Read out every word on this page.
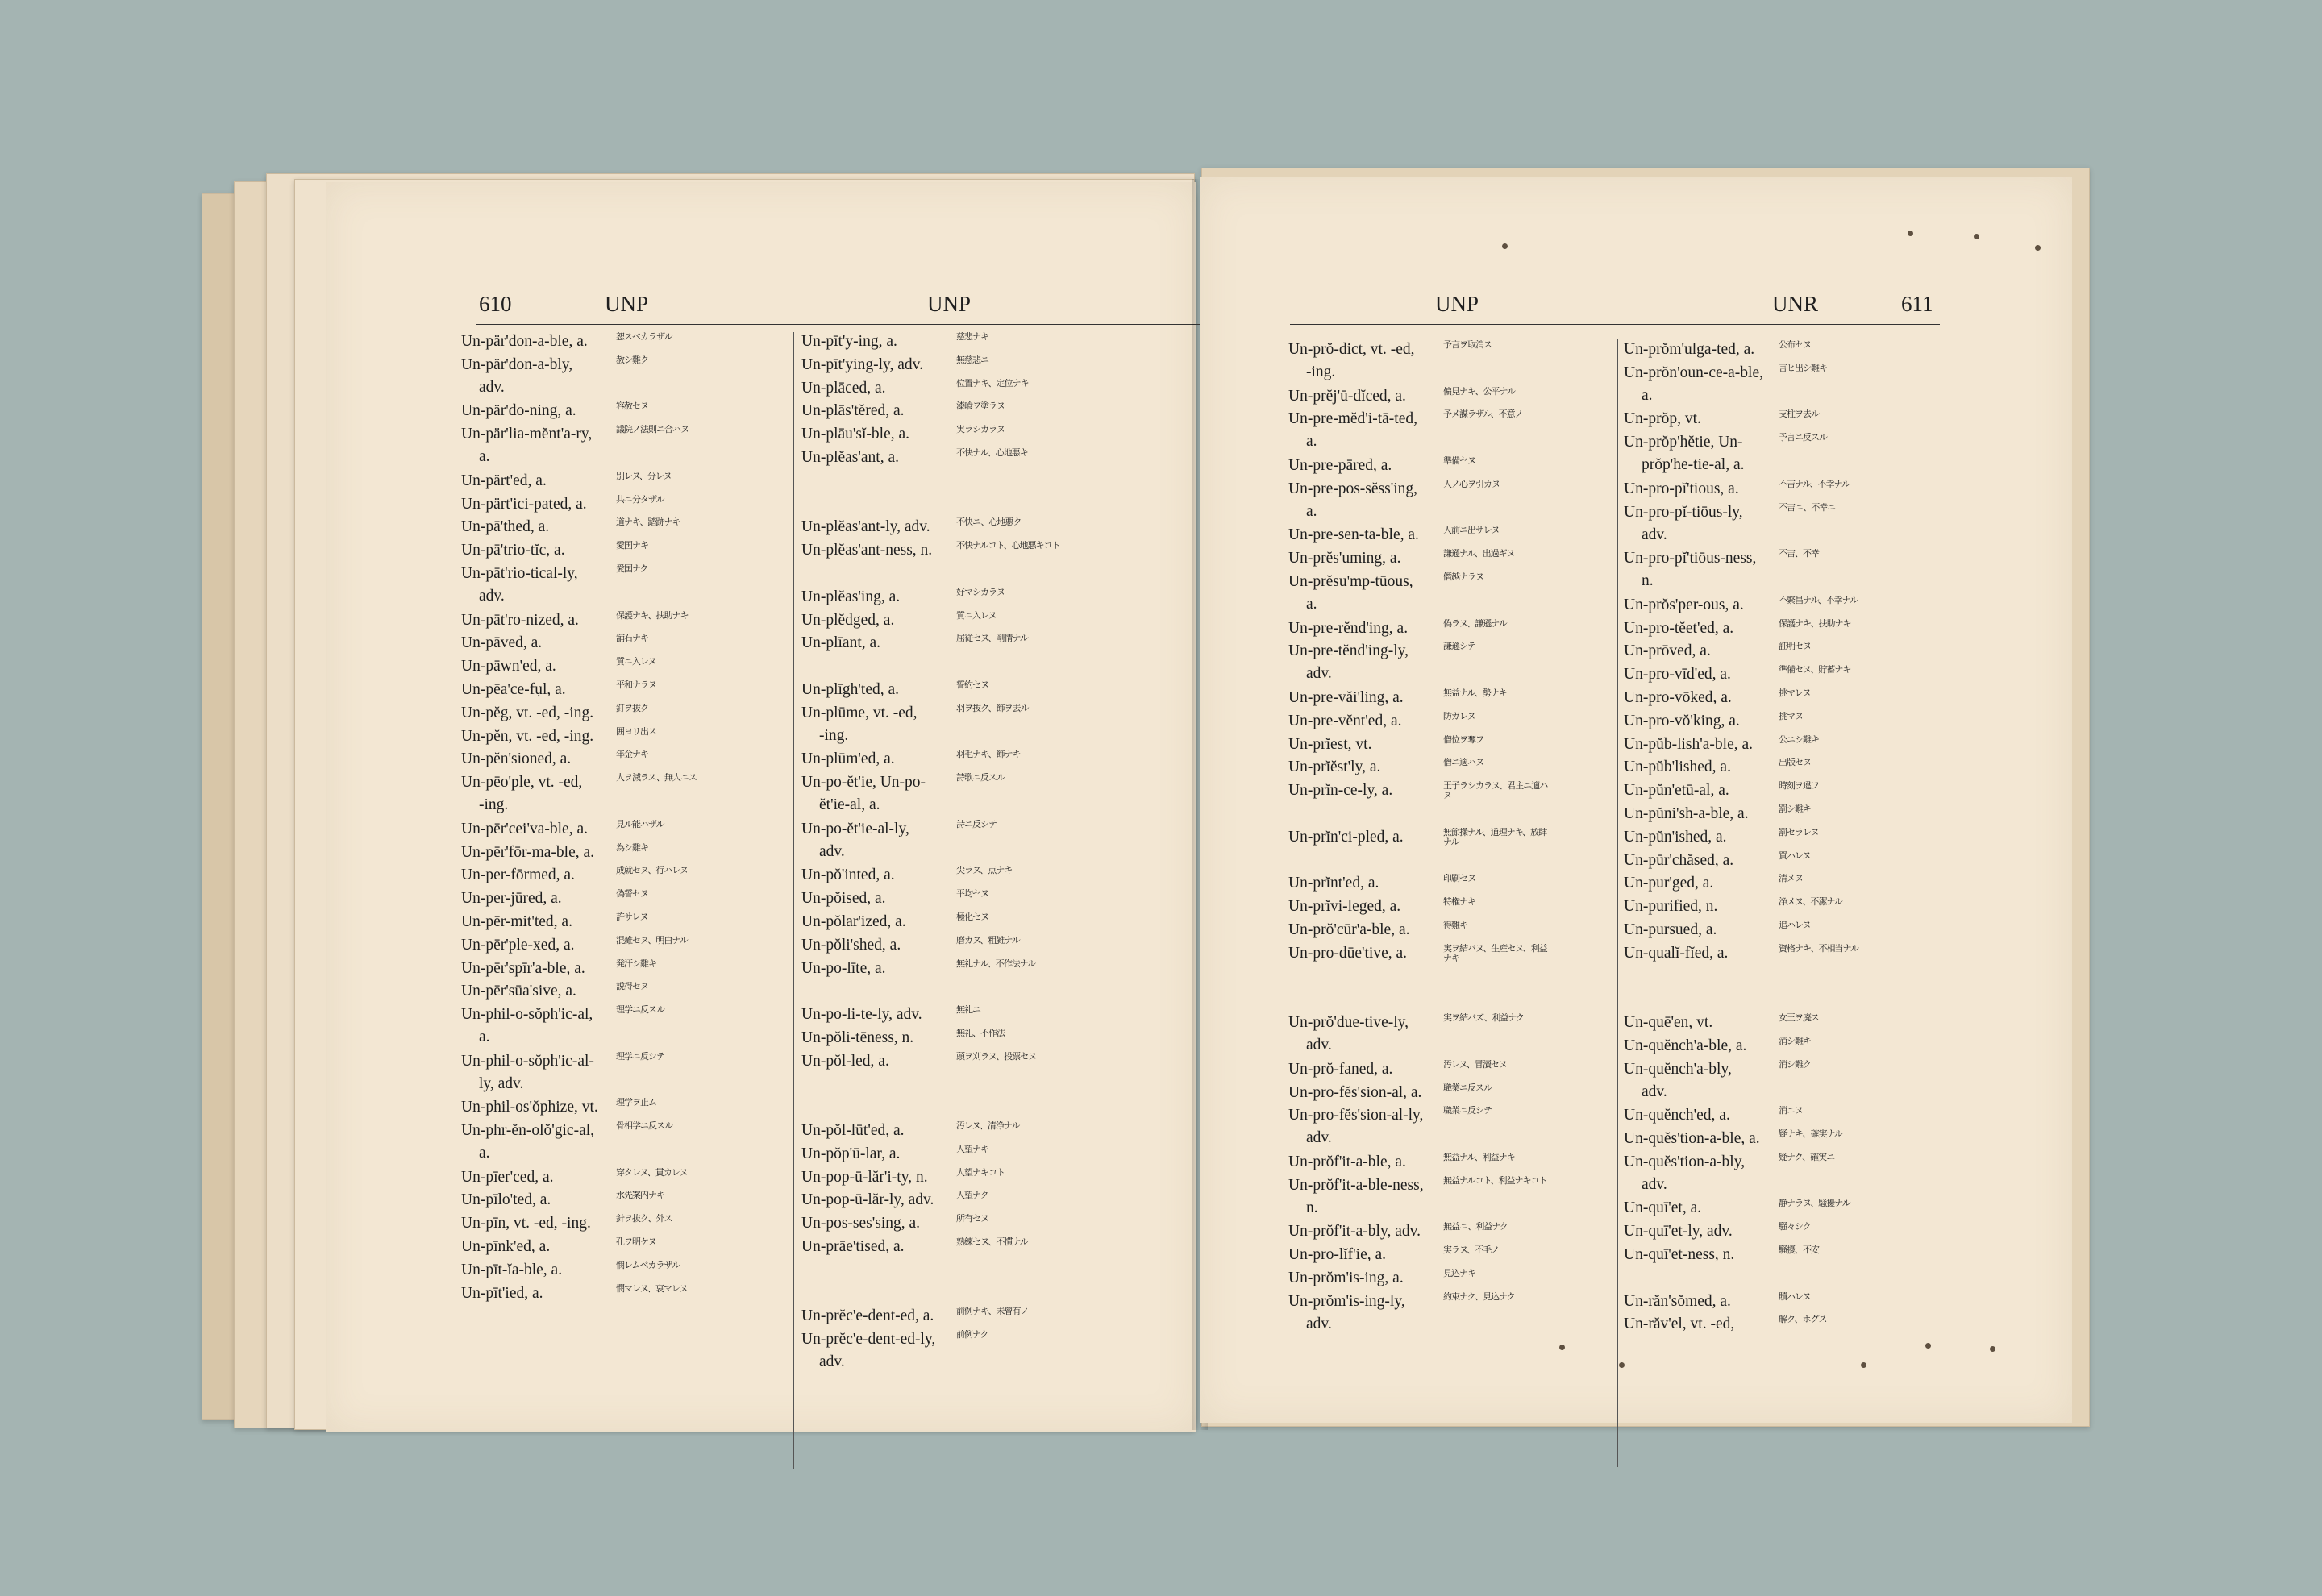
610	UNP	UNP
Un-pär'don-a-ble, a.	恕スベカラザル
Un-pär'don-a-bly,
adv.
赦シ難ク
Un-pär'do-ning, a.	容赦セヌ
Un-pär'lia-mĕnt'a-ry,
a.
議院ノ法則ニ合ハヌ
Un-pärt'ed, a.	別レヌ、分レヌ
Un-pärt'ici-pated, a.	共ニ分タザル
Un-pā'thed, a.	道ナキ、踏跡ナキ
Un-pā'trio-tĭc, a.	愛国ナキ
Un-pāt'rio-tical-ly,
adv.
愛国ナク
Un-pāt'ro-nized, a.	保護ナキ、扶助ナキ
Un-pāved, a.	舗石ナキ
Un-pāwn'ed, a.	質ニ入レヌ
Un-pēa'ce-fụl, a.	平和ナラヌ
Un-pĕg, vt. -ed, -ing.	釘ヲ抜ク
Un-pĕn, vt. -ed, -ing.	囲ヨリ出ス
Un-pĕn'sioned, a.	年金ナキ
Un-pēo'ple, vt. -ed,
-ing.
人ヲ減ラス、無人ニス
Un-pēr'cei'va-ble, a.	見ル能ハザル
Un-pēr'fōr-ma-ble, a. 為シ難キ
Un-per-fōrmed, a.	成就セヌ、行ハレヌ
Un-per-jūred, a.	偽誓セヌ
Un-pēr-mit'ted, a.	許サレヌ
Un-pēr'ple-xed, a.	混雑セヌ、明白ナル
Un-pēr'spīr'a-ble, a.	発汗シ難キ
Un-pēr'sūa'sive, a.	説得セヌ
Un-phil-o-sŏph'ic-al,
a.
理学ニ反スル
Un-phil-o-sŏph'ic-al-
ly, adv.
理学ニ反シテ
Un-phil-os'ŏphize, vt. 理学ヲ止ム
Un-phr-ĕn-olŏ'gic-al,
a.
骨相学ニ反スル
Un-pīer'ced, a.	穿タレヌ、貫カレヌ
Un-pīlo'ted, a.	水先案内ナキ
Un-pīn, vt. -ed, -ing.	針ヲ抜ク、外ス
Un-pīnk'ed, a.	孔ヲ明ケヌ
Un-pīt-ĭa-ble, a.	憫レムベカラザル
Un-pīt'ied, a.	憫マレヌ、哀マレヌ
Un-pīt'y-ing, a.	慈悲ナキ
Un-pīt'ying-ly, adv.	無慈悲ニ
Un-plāced, a.	位置ナキ、定位ナキ
Un-plās'tĕred, a.	漆喰ヲ塗ラヌ
Un-plāu'sĭ-ble, a.	実ラシカラヌ
Un-plĕas'ant, a.	不快ナル、心地悪キ
Un-plĕas'ant-ly, adv.	不快ニ、心地悪ク
Un-plĕas'ant-ness, n.	不快ナルコト、心地悪キコト
Un-plĕas'ing, a.	好マシカラヌ
Un-plĕdged, a.	質ニ入レヌ
Un-plīant, a.	屈従セヌ、剛情ナル
Un-plīgh'ted, a.	誓約セヌ
Un-plūme, vt. -ed,
-ing.
羽ヲ抜ク、飾ヲ去ル
Un-plūm'ed, a.	羽毛ナキ、飾ナキ
Un-po-ĕt'ie, Un-po-
ĕt'ie-al, a.
詩歌ニ反スル
Un-po-ĕt'ie-al-ly,
adv.
詩ニ反シテ
Un-pŏ'inted, a.	尖ラヌ、点ナキ
Un-pŏised, a.	平均セヌ
Un-pŏlar'ized, a.	極化セヌ
Un-pŏli'shed, a.	磨カヌ、粗雑ナル
Un-po-līte, a.	無礼ナル、不作法ナル
Un-po-li-te-ly, adv.	無礼ニ
Un-pŏli-tēness, n.	無礼、不作法
Un-pŏl-led, a.	頭ヲ刈ラヌ、投票セヌ
Un-pŏl-lūt'ed, a.	汚レヌ、清浄ナル
Un-pŏp'ū-lar, a.	人望ナキ
Un-pop-ū-lăr'i-ty, n.	人望ナキコト
Un-pop-ū-lăr-ly, adv.	人望ナク
Un-pos-ses'sing, a.	所有セヌ
Un-prāe'tised, a.	熟練セヌ、不慣ナル
Un-prĕc'e-dent-ed, a.	前例ナキ、未曾有ノ
Un-prĕc'e-dent-ed-ly,
adv.
前例ナク
UNP	UNR	611
Un-prŏ-dict, vt. -ed,
-ing.
予言ヲ取消ス
Un-prĕj'ū-dĭced, a.	偏見ナキ、公平ナル
Un-pre-mĕd'i-tā-ted,
a.
予メ謀ラザル、不意ノ
Un-pre-pāred, a.	準備セヌ
Un-pre-pos-sĕss'ing,
a.
人ノ心ヲ引カヌ
Un-pre-sen-ta-ble, a.	人前ニ出サレヌ
Un-prĕs'uming, a.	謙遜ナル、出過ギヌ
Un-prĕsu'mp-tūous,
a.
僭越ナラヌ
Un-pre-rĕnd'ing, a.	偽ラヌ、謙遜ナル
Un-pre-tĕnd'ing-ly,
adv.
謙遜シテ
Un-pre-văi'ling, a.	無益ナル、勢ナキ
Un-pre-vĕnt'ed, a.	防ガレヌ
Un-prĭest, vt.	僧位ヲ奪フ
Un-prĭĕst'ly, a.	僧ニ適ハヌ
Un-prĭn-ce-ly, a.	王子ラシカラヌ、君主ニ適ハヌ
Un-prĭn'ci-pled, a.	無節操ナル、道理ナキ、放肆ナル
Un-prĭnt'ed, a.	印刷セヌ
Un-prĭvi-leged, a.	特権ナキ
Un-prŏ'cūr'a-ble, a.	得難キ
Un-pro-dūe'tive, a.	実ヲ結バヌ、生産セヌ、利益ナキ
Un-prŏ'due-tive-ly,
adv.
実ヲ結バズ、利益ナク
Un-prŏ-faned, a.	汚レヌ、冒瀆セヌ
Un-pro-fĕs'sion-al, a. 職業ニ反スル
Un-pro-fĕs'sion-al-ly,
adv.
職業ニ反シテ
Un-prŏf'it-a-ble, a.	無益ナル、利益ナキ
Un-prŏf'it-a-ble-ness,
n.
無益ナルコト、利益ナキコト
Un-prŏf'it-a-bly, adv.	無益ニ、利益ナク
Un-pro-lĭf'ie, a.	実ラヌ、不毛ノ
Un-prŏm'is-ing, a.	見込ナキ
Un-prŏm'is-ing-ly,
adv.
約束ナク、見込ナク
Un-prŏm'ulga-ted, a.	公布セヌ
Un-prŏn'oun-ce-a-ble,
a.
言ヒ出シ難キ
Un-prŏp, vt.	支柱ヲ去ル
Un-prŏp'hĕtie, Un-
prŏp'he-tie-al, a.
予言ニ反スル
Un-pro-pĭ'tious, a.	不吉ナル、不幸ナル
Un-pro-pĭ-tiōus-ly,
adv.
不吉ニ、不幸ニ
Un-pro-pĭ'tiōus-ness,
n.
不吉、不幸
Un-prŏs'per-ous, a.	不繁昌ナル、不幸ナル
Un-pro-tĕet'ed, a.	保護ナキ、扶助ナキ
Un-prōved, a.	証明セヌ
Un-pro-vīd'ed, a.	準備セヌ、貯蓄ナキ
Un-pro-vōked, a.	挑マレヌ
Un-pro-vŏ'king, a.	挑マヌ
Un-pŭb-lish'a-ble, a.	公ニシ難キ
Un-pŭb'lished, a.	出版セヌ
Un-pŭn'etū-al, a.	時刻ヲ違フ
Un-pŭni'sh-a-ble, a.	罰シ難キ
Un-pŭn'ished, a.	罰セラレヌ
Un-pūr'chăsed, a.	買ハレヌ
Un-pur'ged, a.	清メヌ
Un-purified, n.	浄メヌ、不潔ナル
Un-pursued, a.	追ハレヌ
Un-qualĭ-fĭed, a.	資格ナキ、不相当ナル
Un-quē'en, vt.	女王ヲ廃ス
Un-quĕnch'a-ble, a.	消シ難キ
Un-quĕnch'a-bly,
adv.
消シ難ク
Un-quĕnch'ed, a.	消エヌ
Un-quĕs'tion-a-ble, a. 疑ナキ、確実ナル
Un-quĕs'tion-a-bly,
adv.
疑ナク、確実ニ
Un-quī'et, a.	静ナラヌ、騒擾ナル
Un-quī'et-ly, adv.	騒々シク
Un-quī'et-ness, n.	騒擾、不安
Un-răn'sŏmed, a.	贖ハレヌ
Un-răv'el, vt. -ed,	解ク、ホグス
